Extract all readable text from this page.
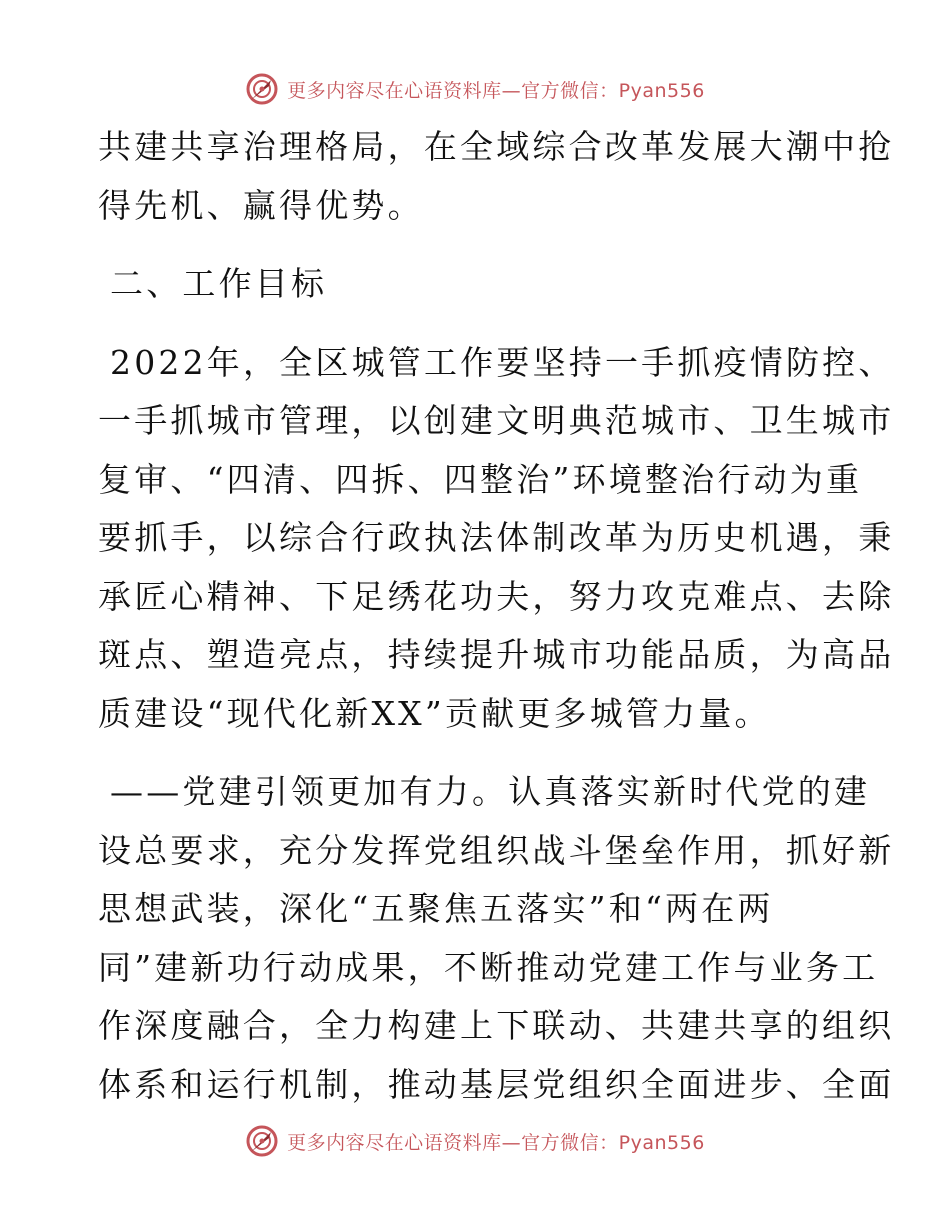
更多内容尽在心语资料库—官方微信：Pyan556
共建共享治理格局，在全域综合改革发展大潮中抢
得先机、赢得优势。
二、工作目标
2022年，全区城管工作要坚持一手抓疫情防控、
一手抓城市管理，以创建文明典范城市、卫生城市
复审、“四清、四拆、四整治”环境整治行动为重
要抓手，以综合行政执法体制改革为历史机遇，秉
承匠心精神、下足绣花功夫，努力攻克难点、去除
斑点、塑造亮点，持续提升城市功能品质，为高品
质建设“现代化新XX”贡献更多城管力量。
——党建引领更加有力。认真落实新时代党的建
设总要求，充分发挥党组织战斗堡垒作用，抓好新
思想武装，深化“五聚焦五落实”和“两在两
同”建新功行动成果，不断推动党建工作与业务工
作深度融合，全力构建上下联动、共建共享的组织
体系和运行机制，推动基层党组织全面进步、全面
更多内容尽在心语资料库—官方微信：Pyan556
